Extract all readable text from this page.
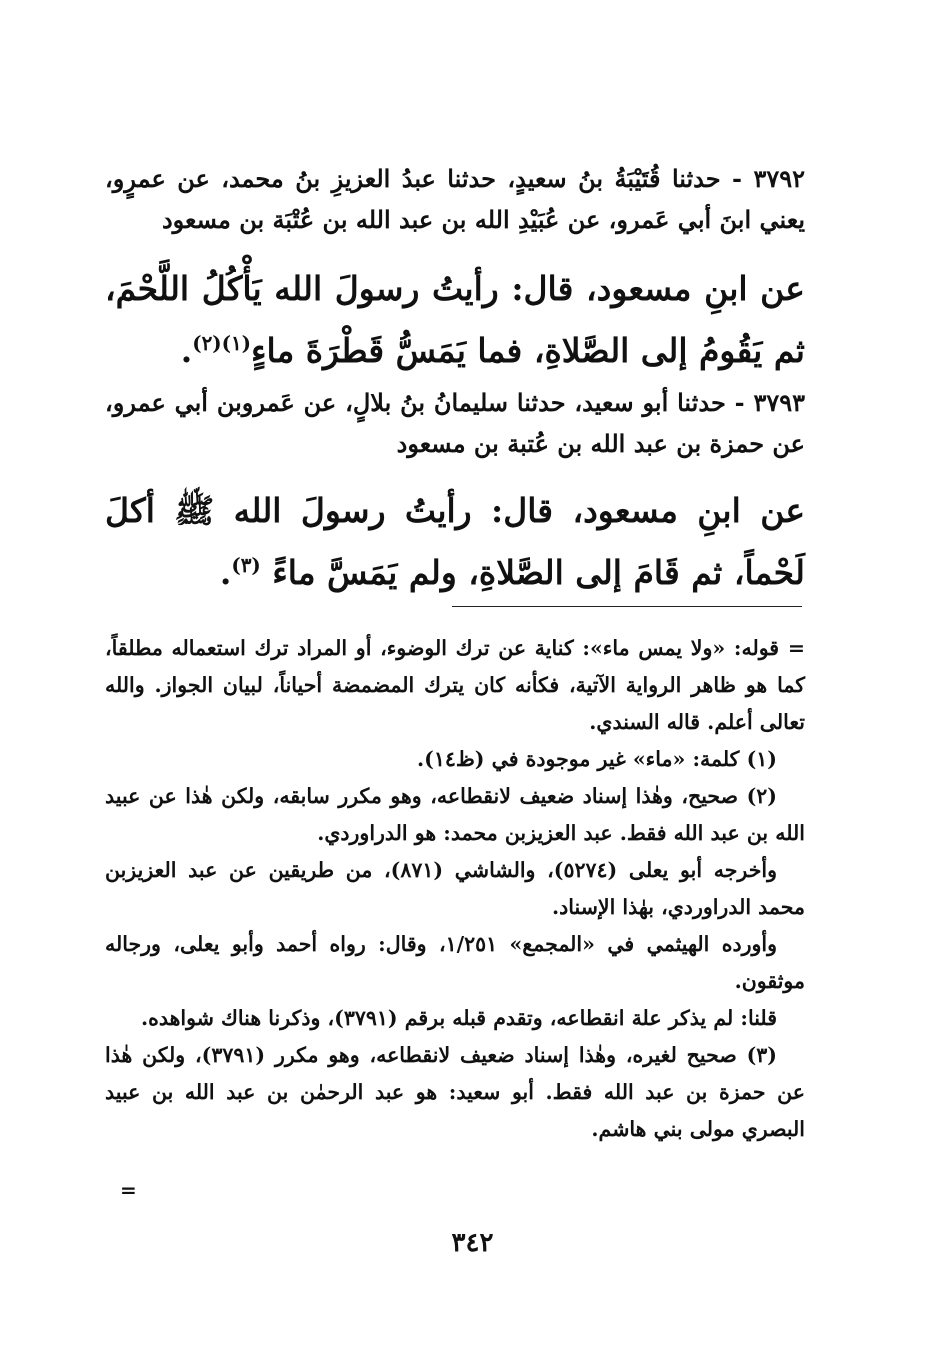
٣٧٩٢ - حدثنا قُتَيْبَةُ بنُ سعيدٍ، حدثنا عبدُ العزيزِ بنُ محمد، عن عمرٍو، يعني ابنَ أبي عَمرو، عن عُبَيْدِ الله بن عبد الله بن عُتْبَة بن مسعود
عن ابنِ مسعود، قال: رأيتُ رسولَ الله يَأْكُلُ اللَّحْمَ، ثم يَقُومُ إلى الصَّلاةِ، فما يَمَسُّ قَطْرَةَ ماءٍ$^{(١)(٢)}$.
٣٧٩٣ - حدثنا أبو سعيد، حدثنا سليمانُ بنُ بلالٍ، عن عَمروبن أبي عمرو، عن حمزة بن عبد الله بن عُتبة بن مسعود
عن ابنِ مسعود، قال: رأيتُ رسولَ الله ﷺ أكلَ لَحْماً، ثم قَامَ إلى الصَّلاةِ، ولم يَمَسَّ ماءً $^{(٣)}$.

= قوله: «ولا يمس ماء»: كناية عن ترك الوضوء، أو المراد ترك استعماله مطلقاً، كما هو ظاهر الرواية الآتية، فكأنه كان يترك المضمضة أحياناً، لبيان الجواز. والله تعالى أعلم. قاله السندي.

(١) كلمة: «ماء» غير موجودة في (ظ١٤).

(٢) صحيح، وهٰذا إسناد ضعيف لانقطاعه، وهو مكرر سابقه، ولكن هٰذا عن عبيد الله بن عبد الله فقط. عبد العزيزبن محمد: هو الدراوردي.

وأخرجه أبو يعلى (٥٢٧٤)، والشاشي (٨٧١)، من طريقين عن عبد العزيزبن محمد الدراوردي، بهٰذا الإسناد.

وأورده الهيثمي في «المجمع» ١/٢٥١، وقال: رواه أحمد وأبو يعلى، ورجاله موثقون.

قلنا: لم يذكر علة انقطاعه، وتقدم قبله برقم (٣٧٩١)، وذكرنا هناك شواهده.

(٣) صحيح لغيره، وهٰذا إسناد ضعيف لانقطاعه، وهو مكرر (٣٧٩١)، ولكن هٰذا عن حمزة بن عبد الله فقط. أبو سعيد: هو عبد الرحمٰن بن عبد الله بن عبيد البصري مولى بني هاشم.

=
٣٤٢
